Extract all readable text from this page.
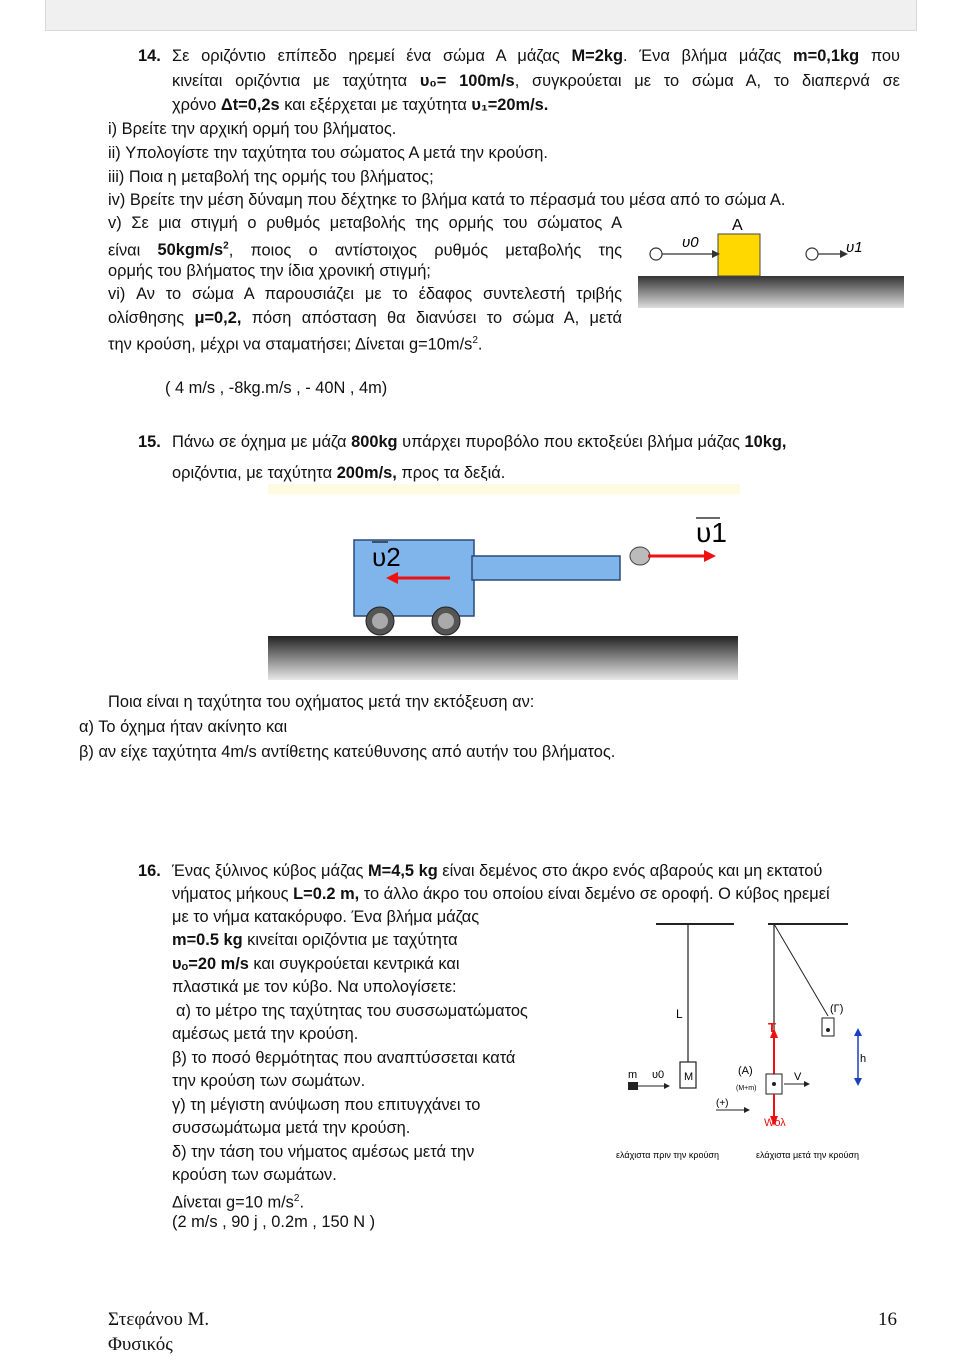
14. Σε οριζόντιο επίπεδο ηρεμεί ένα σώμα Α μάζας M=2kg. Ένα βλήμα μάζας m=0,1kg που
κινείται οριζόντια με ταχύτητα υ₀= 100m/s, συγκρούεται με το σώμα Α, το διαπερνά σε
χρόνο Δt=0,2s και εξέρχεται με ταχύτητα υ₁=20m/s.
i) Βρείτε την αρχική ορμή του βλήματος.
ii) Υπολογίστε την ταχύτητα του σώματος Α μετά την κρούση.
iii) Ποια η μεταβολή της ορμής του βλήματος;
iv) Βρείτε την μέση δύναμη που δέχτηκε το βλήμα κατά το πέρασμά του μέσα από το σώμα Α.
v) Σε μια στιγμή ο ρυθμός μεταβολής της ορμής του σώματος Α
είναι $50kgm/s^2$, ποιος ο αντίστοιχος ρυθμός μεταβολής της
ορμής του βλήματος την ίδια χρονική στιγμή;
vi) Αν το σώμα Α παρουσιάζει με το έδαφος συντελεστή τριβής
ολίσθησης μ=0,2, πόση απόσταση θα διανύσει το σώμα Α, μετά
την κρούση, μέχρι να σταματήσει; Δίνεται $g=10m/s^2$.
( 4 m/s , -8kg.m/s , - 40N , 4m)
A
υ0	υ1
15. Πάνω σε όχημα με μάζα 800kg υπάρχει πυροβόλο που εκτοξεύει βλήμα μάζας 10kg,
οριζόντια, με ταχύτητα 200m/s, προς τα δεξιά.
υ2
υ1
Ποια είναι η ταχύτητα του οχήματος μετά την εκτόξευση αν:
α) Το όχημα ήταν ακίνητο και
β) αν είχε ταχύτητα 4m/s αντίθετης κατεύθυνσης από αυτήν του βλήματος.
16. Ένας ξύλινος κύβος μάζας M=4,5 kg είναι δεμένος στο άκρο ενός αβαρούς και μη εκτατού
νήματος μήκους L=0.2 m, το άλλο άκρο του οποίου είναι δεμένο σε οροφή. Ο κύβος ηρεμεί
με το νήμα κατακόρυφο. Ένα βλήμα μάζας
m=0.5 kg κινείται οριζόντια με ταχύτητα
υₒ=20 m/s και συγκρούεται κεντρικά και
πλαστικά με τον κύβο. Να υπολογίσετε:
α) το μέτρο της ταχύτητας του συσσωματώματος
αμέσως μετά την κρούση.
β) το ποσό θερμότητας που αναπτύσσεται κατά
την κρούση των σωμάτων.
γ) τη μέγιστη ανύψωση που επιτυγχάνει το
συσσωμάτωμα μετά την κρούση.
δ) την τάση του νήματος αμέσως μετά την
κρούση των σωμάτων.
Δίνεται g=10 $m/s^2$.
(2 m/s , 90 j , 0.2m , 150 N )
M
L
m υ0
(+)
(Γ)
T
(A)
(M+m)
V
Wολ
h
ελάχιστα πριν την κρούση	ελάχιστα μετά την κρούση
Στεφάνου Μ.
Φυσικός
16
